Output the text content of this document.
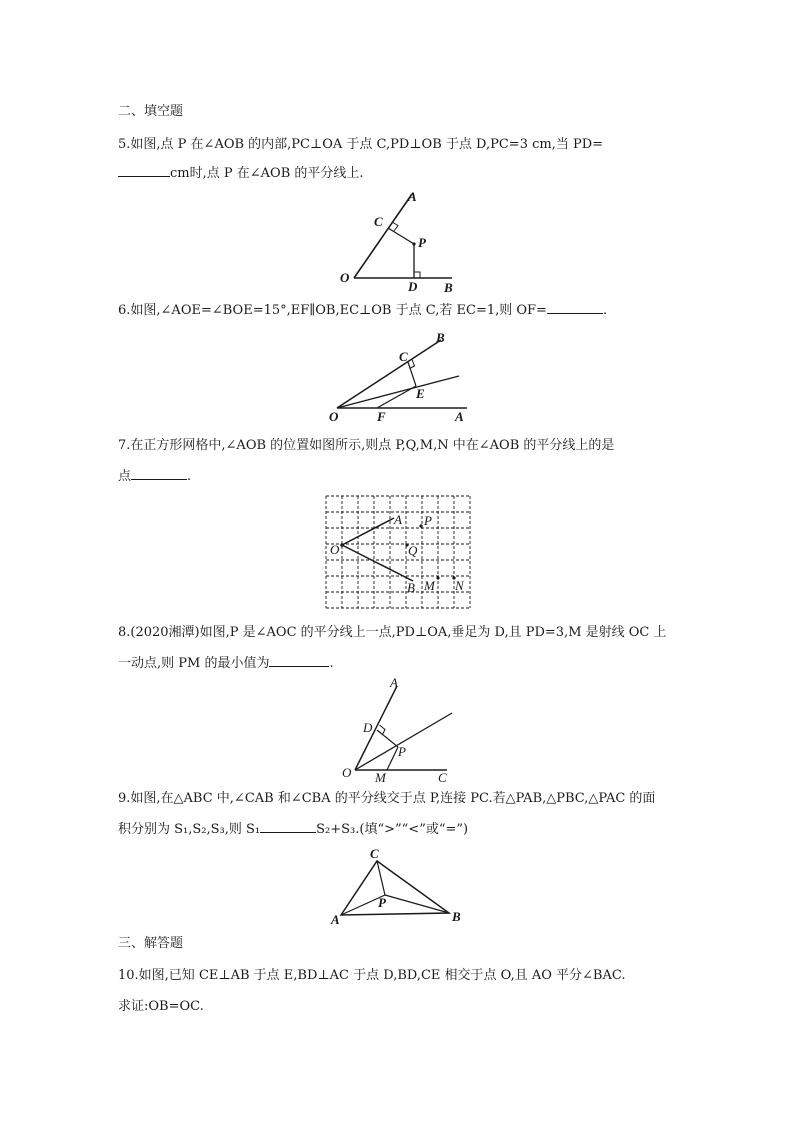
二、填空题
5.如图,点 P 在∠AOB 的内部,PC⊥OA 于点 C,PD⊥OB 于点 D,PC=3 cm,当 PD=
cm时,点 P 在∠AOB 的平分线上.
A
C
P
O
D B
6.如图,∠AOE=∠BOE=15°,EF∥OB,EC⊥OB 于点 C,若 EC=1,则 OF=	.
B
C
E
O	F	A
7.在正方形网格中,∠AOB 的位置如图所示,则点 P,Q,M,N 中在∠AOB 的平分线上的是
点	.
A P
O	Q
B M N
8.(2020湘潭)如图,P 是∠AOC 的平分线上一点,PD⊥OA,垂足为 D,且 PD=3,M 是射线 OC 上
一动点,则 PM 的最小值为	.
A
D
P
O M	C
9.如图,在△ABC 中,∠CAB 和∠CBA 的平分线交于点 P,连接 PC.若△PAB,△PBC,△PAC 的面
积分别为 S₁,S₂,S₃,则 S₁	S₂+S₃.(填“>”“<”或“=”)
C
A
P
B
三、解答题
10.如图,已知 CE⊥AB 于点 E,BD⊥AC 于点 D,BD,CE 相交于点 O,且 AO 平分∠BAC.
求证:OB=OC.
